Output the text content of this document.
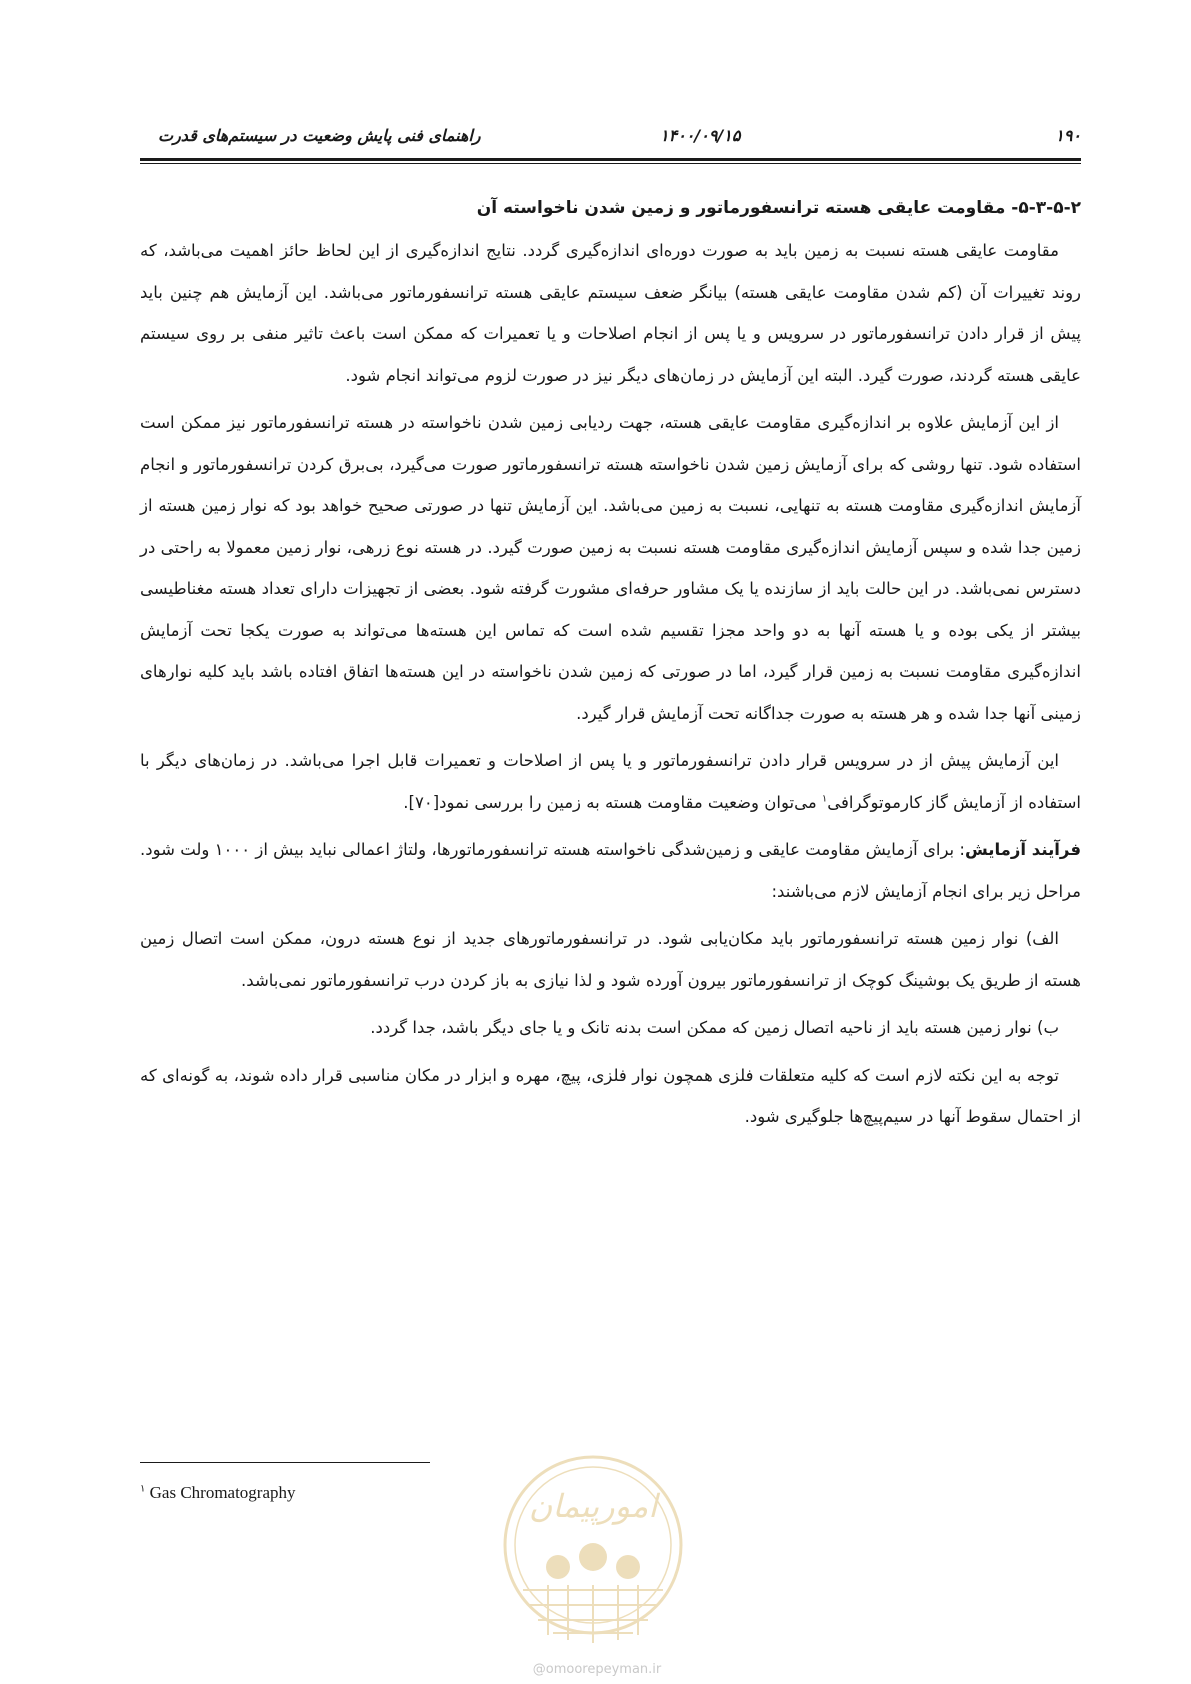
۱۹۰
۱۴۰۰/۰۹/۱۵
راهنمای فنی پایش وضعیت در سیستم‌های قدرت
۵-۳-۵-۲- مقاومت عایقی هسته ترانسفورماتور و زمین شدن ناخواسته آن

مقاومت عایقی هسته نسبت به زمین باید به صورت دوره‌ای اندازه‌گیری گردد. نتایج اندازه‌گیری از این لحاظ حائز اهمیت می‌باشد، که روند تغییرات آن (کم شدن مقاومت عایقی هسته) بیانگر ضعف سیستم عایقی هسته ترانسفورماتور می‌باشد. این آزمایش هم چنین باید پیش از قرار دادن ترانسفورماتور در سرویس و یا پس از انجام اصلاحات و یا تعمیرات که ممکن است باعث تاثیر منفی بر روی سیستم عایقی هسته گردند، صورت گیرد. البته این آزمایش در زمان‌های دیگر نیز در صورت لزوم می‌تواند انجام شود.

از این آزمایش علاوه بر اندازه‌گیری مقاومت عایقی هسته، جهت ردیابی زمین شدن ناخواسته در هسته ترانسفورماتور نیز ممکن است استفاده شود. تنها روشی که برای آزمایش زمین شدن ناخواسته هسته ترانسفورماتور صورت می‌گیرد، بی‌برق کردن ترانسفورماتور و انجام آزمایش اندازه‌گیری مقاومت هسته به تنهایی، نسبت به زمین می‌باشد. این آزمایش تنها در صورتی صحیح خواهد بود که نوار زمین هسته از زمین جدا شده و سپس آزمایش اندازه‌گیری مقاومت هسته نسبت به زمین صورت گیرد. در هسته نوع زرهی، نوار زمین معمولا به راحتی در دسترس نمی‌باشد. در این حالت باید از سازنده یا یک مشاور حرفه‌ای مشورت گرفته شود. بعضی از تجهیزات دارای تعداد هسته مغناطیسی بیشتر از یکی بوده و یا هسته آنها به دو واحد مجزا تقسیم شده است که تماس این هسته‌ها می‌تواند به صورت یکجا تحت آزمایش اندازه‌گیری مقاومت نسبت به زمین قرار گیرد، اما در صورتی که زمین شدن ناخواسته در این هسته‌ها اتفاق افتاده باشد باید کلیه نوارهای زمینی آنها جدا شده و هر هسته به صورت جداگانه تحت آزمایش قرار گیرد.

این آزمایش پیش از در سرویس قرار دادن ترانسفورماتور و یا پس از اصلاحات و تعمیرات قابل اجرا می‌باشد. در زمان‌های دیگر با استفاده از آزمایش گاز کارموتوگرافی$^۱$ می‌توان وضعیت مقاومت هسته به زمین را بررسی نمود[۷۰].

فرآیند آزمایش: برای آزمایش مقاومت عایقی و زمین‌شدگی ناخواسته هسته ترانسفورماتورها، ولتاژ اعمالی نباید بیش از ۱۰۰۰ ولت شود. مراحل زیر برای انجام آزمایش لازم می‌باشند:

الف) نوار زمین هسته ترانسفورماتور باید مکان‌یابی شود. در ترانسفورماتورهای جدید از نوع هسته درون، ممکن است اتصال زمین هسته از طریق یک بوشینگ کوچک از ترانسفورماتور بیرون آورده شود و لذا نیازی به باز کردن درب ترانسفورماتور نمی‌باشد.

ب) نوار زمین هسته باید از ناحیه اتصال زمین که ممکن است بدنه تانک و یا جای دیگر باشد، جدا گردد.

توجه به این نکته لازم است که کلیه متعلقات فلزی همچون نوار فلزی، پیچ، مهره و ابزار در مکان مناسبی قرار داده شوند، به گونه‌ای که از احتمال سقوط آنها در سیم‌پیچ‌ها جلوگیری شود.

$^۱$ Gas Chromatography	امورپیمان
@omoorepeyman.ir
